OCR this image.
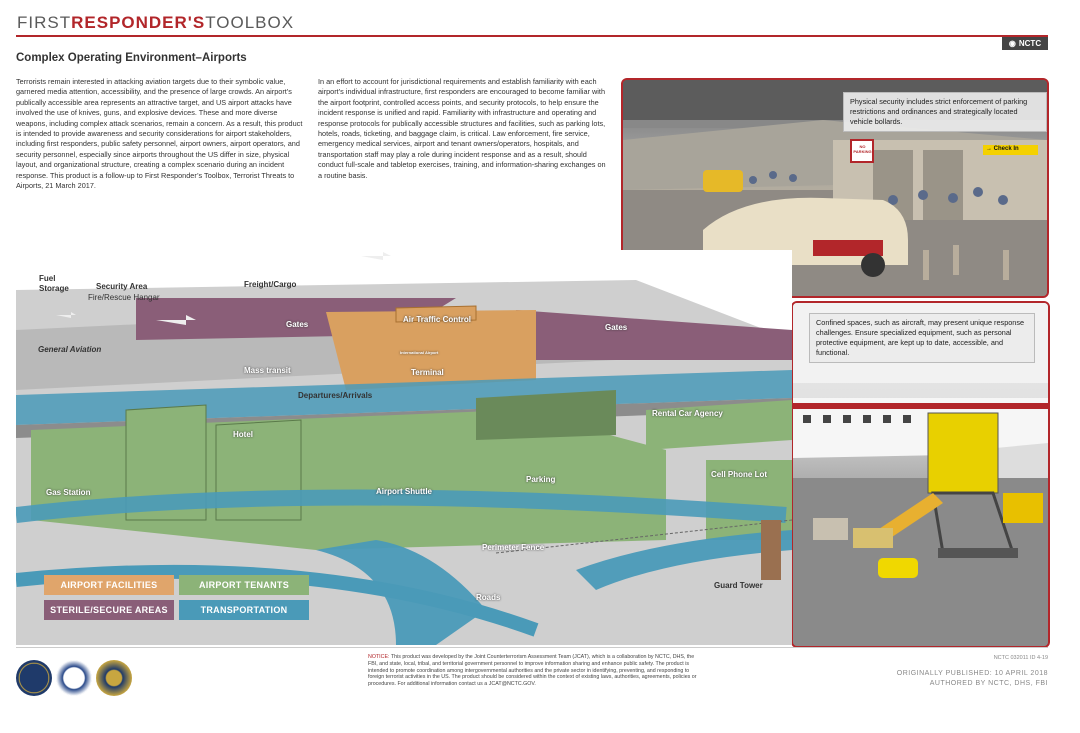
FIRSTRESPONDER'STOOLBOX
◉ NCTC
Complex Operating Environment–Airports
Terrorists remain interested in attacking aviation targets due to their symbolic value, garnered media attention, accessibility, and the presence of large crowds. An airport’s publically accessible area represents an attractive target, and US airport attacks have involved the use of knives, guns, and explosive devices. These and more diverse weapons, including complex attack scenarios, remain a concern. As a result, this product is intended to provide awareness and security considerations for airport stakeholders, including first responders, public safety personnel, airport owners, airport operators, and security personnel, especially since airports throughout the US differ in size, physical layout, and organizational structure, creating a complex scenario during an incident response. This product is a follow-up to First Responder’s Toolbox, Terrorist Threats to Airports, 21 March 2017.
In an effort to account for jurisdictional requirements and establish familiarity with each airport’s individual infrastructure, first responders are encouraged to become familiar with the airport footprint, controlled access points, and security protocols, to help ensure the incident response is unified and rapid. Familiarity with infrastructure and operating and response protocols for publically accessible structures and facilities, such as parking lots, hotels, roads, ticketing, and baggage claim, is critical. Law enforcement, fire service, emergency medical services, airport and tenant owners/operators, hospitals, and transportation staff may play a role during incident response and as a result, should conduct full-scale and tabletop exercises, training, and information-sharing exchanges on a routine basis.
→ Check In
NO PARKING
Physical security includes strict enforcement of parking restrictions and ordinances and strategically located vehicle bollards.
Confined spaces, such as aircraft, may present unique response challenges. Ensure specialized equipment, such as personal protective equipment, are kept up to date, accessible, and functional.
Fuel
Storage	Security Area
Fire/Rescue Hangar
Freight/Cargo
Gates	Gates
Air Traffic Control
International Airport
Terminal
General Aviation
Mass transit
Departures/Arrivals
Hotel
Rental Car Agency
Parking
Cell Phone Lot
Gas Station	Airport Shuttle
Perimeter Fence
Guard Tower
Roads
AIRPORT FACILITIES	AIRPORT TENANTS
STERILE/SECURE AREAS	TRANSPORTATION
NOTICE: This product was developed by the Joint Counterterrorism Assessment Team (JCAT), which is a collaboration by NCTC, DHS, the FBI, and state, local, tribal, and territorial government personnel to improve information sharing and enhance public safety. The product is intended to promote coordination among intergovernmental authorities and the private sector in identifying, preventing, and responding to foreign terrorist activities in the US. The product should be considered within the context of existing laws, authorities, agreements, policies or procedures. For additional information contact us a JCAT@NCTC.GOV.
NCTC 032011 ID 4-19
ORIGINALLY PUBLISHED: 10 APRIL 2018
AUTHORED BY NCTC, DHS, FBI
